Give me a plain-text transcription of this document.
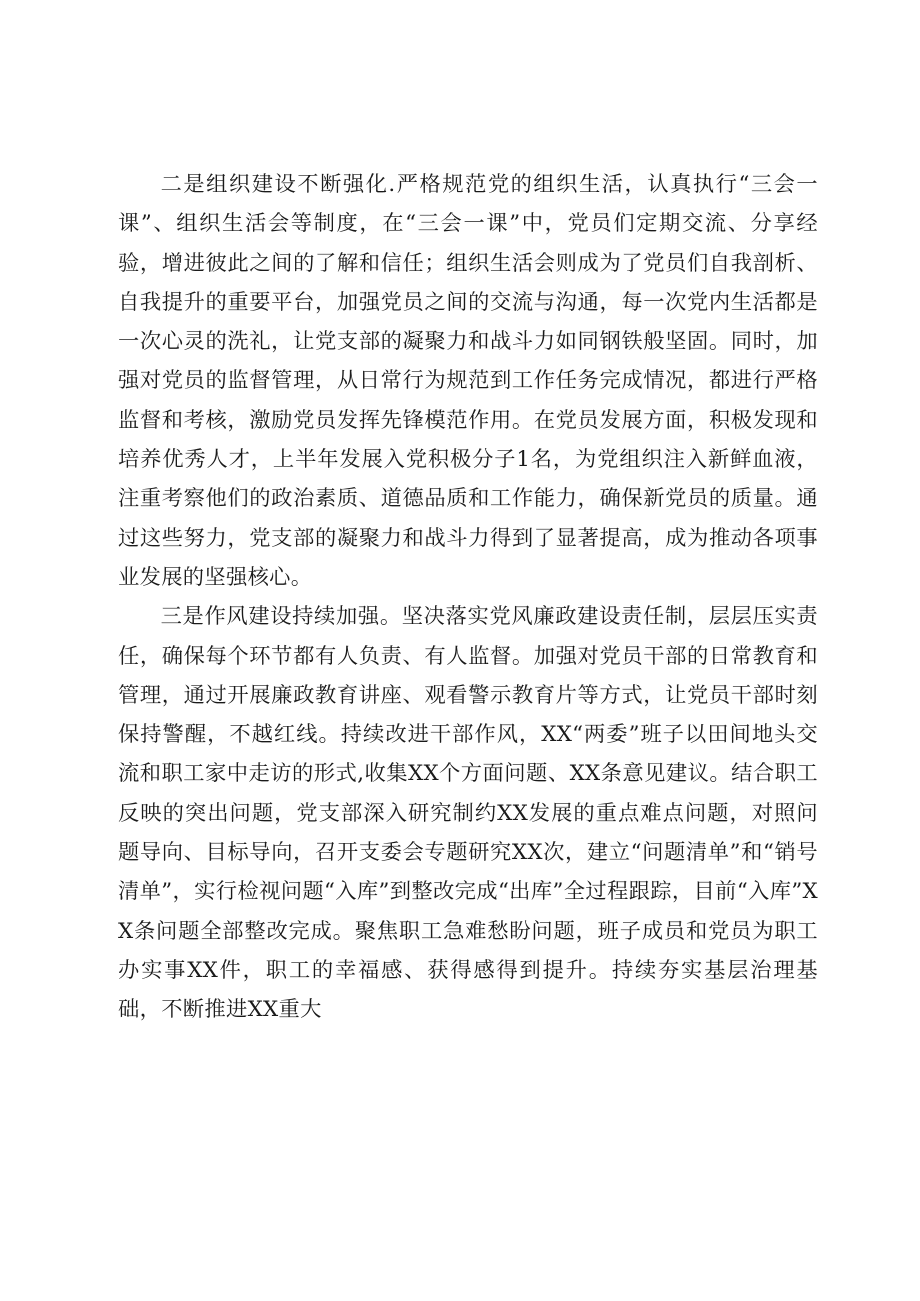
二是组织建设不断强化.严格规范党的组织生活，认真执行“三会一课”、组织生活会等制度，在“三会一课”中，党员们定期交流、分享经验，增进彼此之间的了解和信任；组织生活会则成为了党员们自我剖析、自我提升的重要平台，加强党员之间的交流与沟通，每一次党内生活都是一次心灵的洗礼，让党支部的凝聚力和战斗力如同钢铁般坚固。同时，加强对党员的监督管理，从日常行为规范到工作任务完成情况，都进行严格监督和考核，激励党员发挥先锋模范作用。在党员发展方面，积极发现和培养优秀人才，上半年发展入党积极分子1名，为党组织注入新鲜血液，注重考察他们的政治素质、道德品质和工作能力，确保新党员的质量。通过这些努力，党支部的凝聚力和战斗力得到了显著提高，成为推动各项事业发展的坚强核心。

三是作风建设持续加强。坚决落实党风廉政建设责任制，层层压实责任，确保每个环节都有人负责、有人监督。加强对党员干部的日常教育和管理，通过开展廉政教育讲座、观看警示教育片等方式，让党员干部时刻保持警醒，不越红线。持续改进干部作风，XX“两委”班子以田间地头交流和职工家中走访的形式,收集XX个方面问题、XX条意见建议。结合职工反映的突出问题，党支部深入研究制约XX发展的重点难点问题，对照问题导向、目标导向，召开支委会专题研究XX次，建立“问题清单”和“销号清单”，实行检视问题“入库”到整改完成“出库”全过程跟踪，目前“入库”XX条问题全部整改完成。聚焦职工急难愁盼问题，班子成员和党员为职工办实事XX件，职工的幸福感、获得感得到提升。持续夯实基层治理基础，不断推进XX重大
